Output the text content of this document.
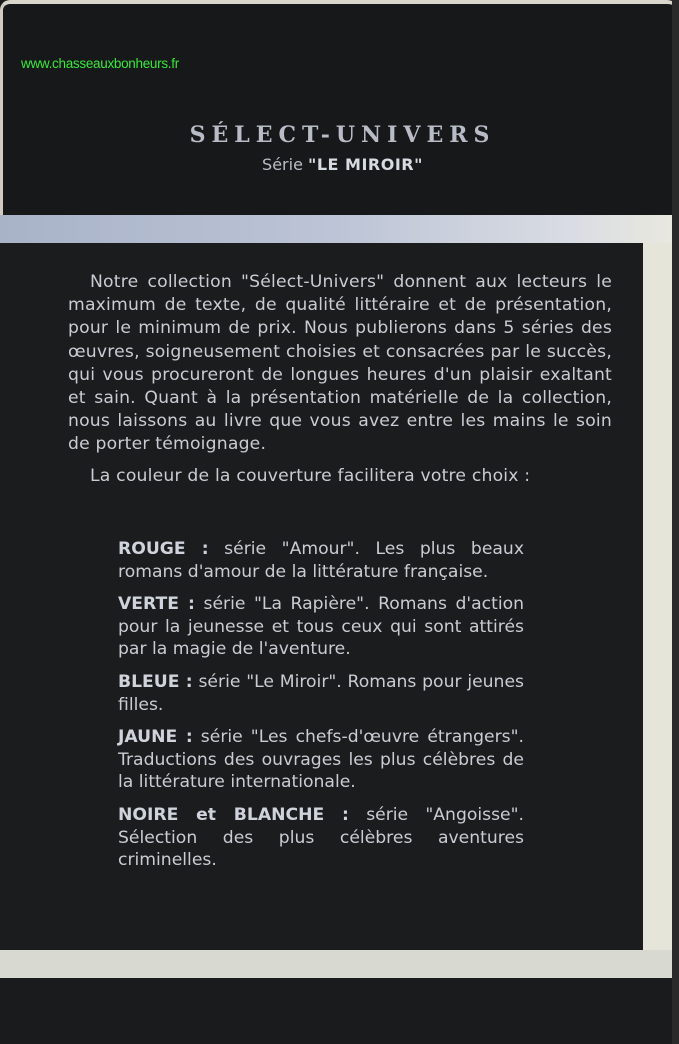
www.chasseauxbonheurs.fr
SÉLECT-UNIVERS
Série "LE MIROIR"

Notre collection "Sélect-Univers" donnent aux lecteurs le maximum de texte, de qualité littéraire et de présentation, pour le minimum de prix. Nous publierons dans 5 séries des œuvres, soigneusement choisies et consacrées par le succès, qui vous procureront de longues heures d'un plaisir exaltant et sain. Quant à la présentation matérielle de la collection, nous laissons au livre que vous avez entre les mains le soin de porter témoignage.

La couleur de la couverture facilitera votre choix :

ROUGE : série "Amour". Les plus beaux romans d'amour de la littérature française.
VERTE : série "La Rapière". Romans d'action pour la jeunesse et tous ceux qui sont attirés par la magie de l'aventure.
BLEUE : série "Le Miroir". Romans pour jeunes filles.
JAUNE : série "Les chefs-d'œuvre étrangers". Traductions des ouvrages les plus célèbres de la littérature internationale.
NOIRE et BLANCHE : série "Angoisse". Sélection des plus célèbres aventures criminelles.
